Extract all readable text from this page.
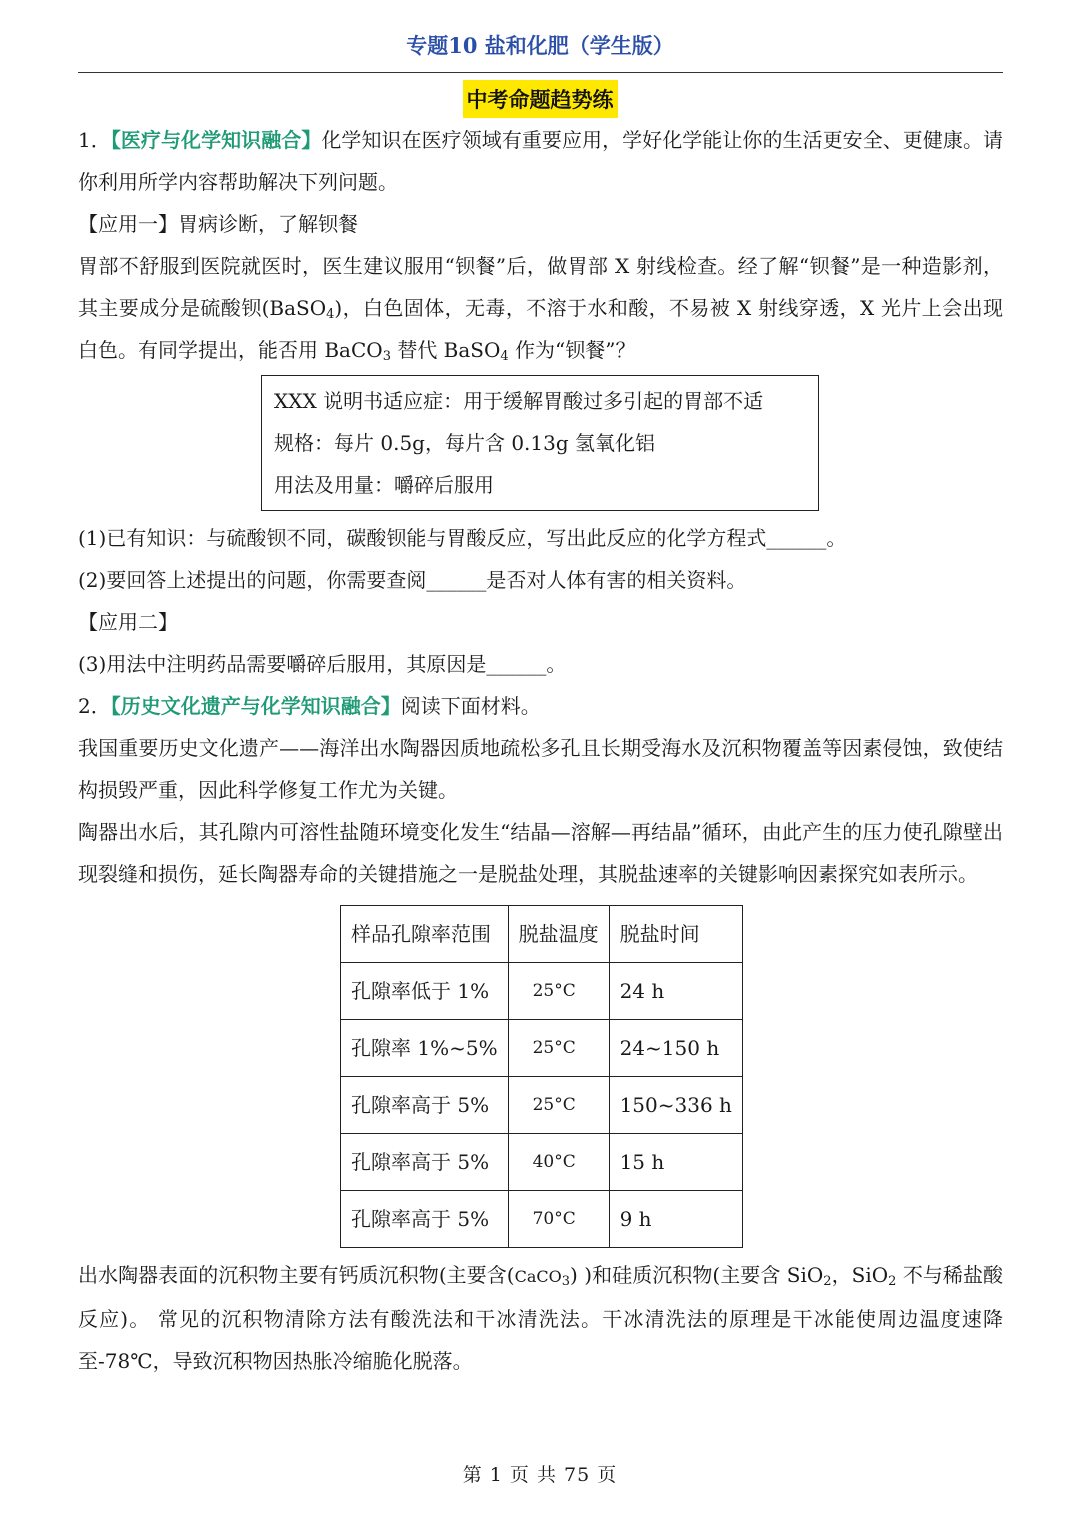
专题10 盐和化肥（学生版）
中考命题趋势练

1．【医疗与化学知识融合】化学知识在医疗领域有重要应用，学好化学能让你的生活更安全、更健康。请你利用所学内容帮助解决下列问题。

【应用一】胃病诊断，了解钡餐

胃部不舒服到医院就医时，医生建议服用“钡餐”后，做胃部 X 射线检查。经了解“钡餐”是一种造影剂，其主要成分是硫酸钡(BaSO$_4$)，白色固体，无毒，不溶于水和酸，不易被 X 射线穿透，X 光片上会出现白色。有同学提出，能否用 BaCO$_3$ 替代 BaSO$_4$ 作为“钡餐”？

XXX 说明书适应症：用于缓解胃酸过多引起的胃部不适

规格：每片 0.5g，每片含 0.13g 氢氧化铝

用法及用量：嚼碎后服用

(1)已有知识：与硫酸钡不同，碳酸钡能与胃酸反应，写出此反应的化学方程式______。

(2)要回答上述提出的问题，你需要查阅______是否对人体有害的相关资料。

【应用二】

(3)用法中注明药品需要嚼碎后服用，其原因是______。

2．【历史文化遗产与化学知识融合】阅读下面材料。

我国重要历史文化遗产——海洋出水陶器因质地疏松多孔且长期受海水及沉积物覆盖等因素侵蚀，致使结构损毁严重，因此科学修复工作尤为关键。

陶器出水后，其孔隙内可溶性盐随环境变化发生“结晶—溶解—再结晶”循环，由此产生的压力使孔隙壁出现裂缝和损伤，延长陶器寿命的关键措施之一是脱盐处理，其脱盐速率的关键影响因素探究如表所示。

样品孔隙率范围	脱盐温度	脱盐时间
孔隙率低于 1%	25°C	24 h
孔隙率 1%~5%	25°C	24~150 h
孔隙率高于 5%	25°C	150~336 h
孔隙率高于 5%	40°C	15 h
孔隙率高于 5%	70°C	9 h

出水陶器表面的沉积物主要有钙质沉积物(主要含(CaCO$_3$) )和硅质沉积物(主要含 SiO$_2$，SiO$_2$ 不与稀盐酸反应)。 常见的沉积物清除方法有酸洗法和干冰清洗法。干冰清洗法的原理是干冰能使周边温度速降至-78℃，导致沉积物因热胀冷缩脆化脱落。

第 1 页 共 75 页
